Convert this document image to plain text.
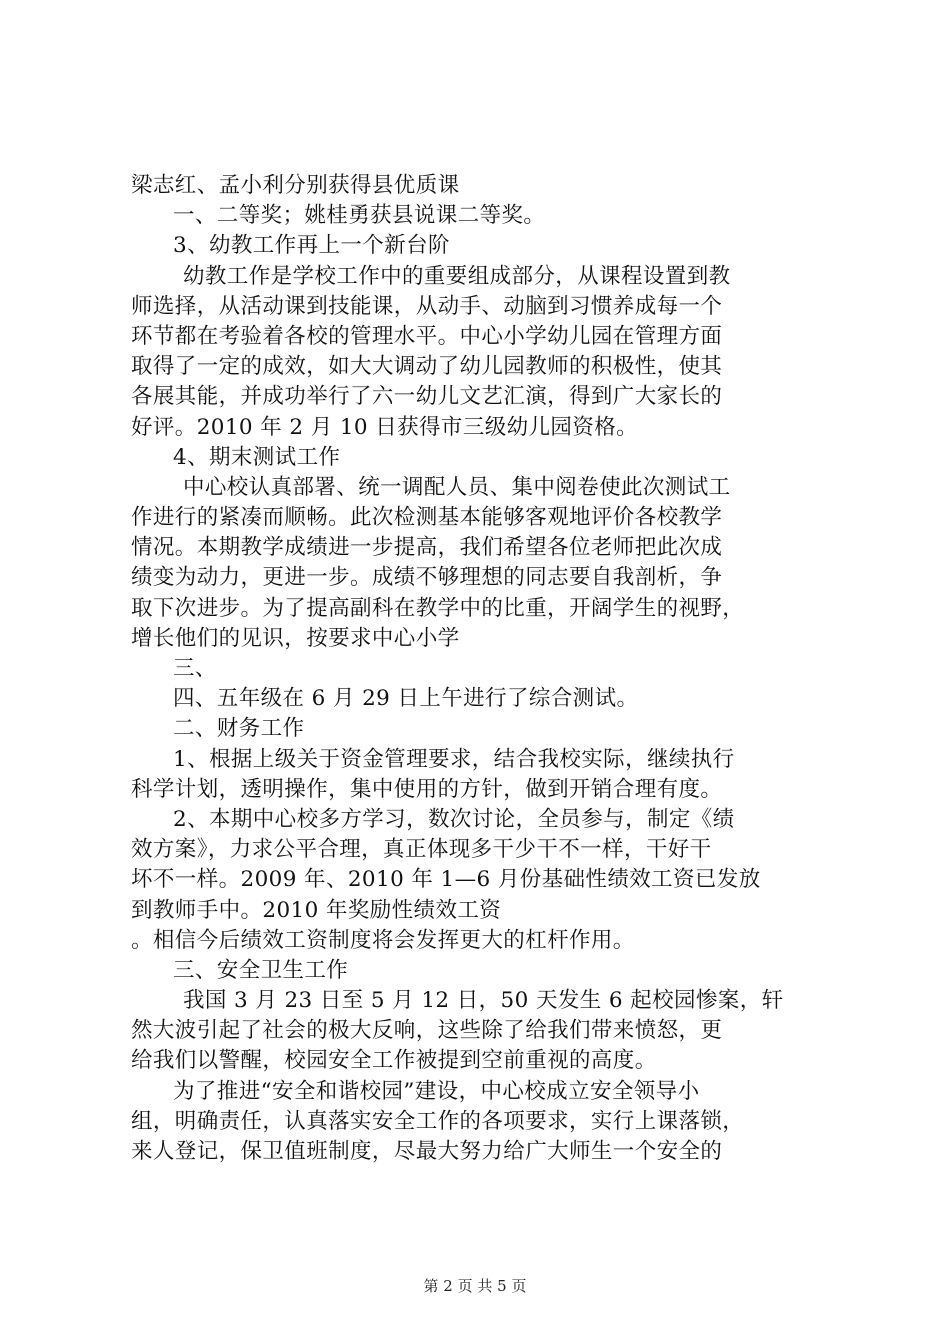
梁志红、孟小利分别获得县优质课
一、二等奖；姚桂勇获县说课二等奖。
3、幼教工作再上一个新台阶
幼教工作是学校工作中的重要组成部分，从课程设置到教
师选择，从活动课到技能课，从动手、动脑到习惯养成每一个
环节都在考验着各校的管理水平。中心小学幼儿园在管理方面
取得了一定的成效，如大大调动了幼儿园教师的积极性，使其
各展其能，并成功举行了六一幼儿文艺汇演，得到广大家长的
好评。2010 年 2 月 10 日获得市三级幼儿园资格。
4、期末测试工作
中心校认真部署、统一调配人员、集中阅卷使此次测试工
作进行的紧凑而顺畅。此次检测基本能够客观地评价各校教学
情况。本期教学成绩进一步提高，我们希望各位老师把此次成
绩变为动力，更进一步。成绩不够理想的同志要自我剖析，争
取下次进步。为了提高副科在教学中的比重，开阔学生的视野，
增长他们的见识，按要求中心小学
三、
四、五年级在 6 月 29 日上午进行了综合测试。
二、财务工作
1、根据上级关于资金管理要求，结合我校实际，继续执行
科学计划，透明操作，集中使用的方针，做到开销合理有度。
2、本期中心校多方学习，数次讨论，全员参与，制定《绩
效方案》，力求公平合理，真正体现多干少干不一样，干好干
坏不一样。2009 年、2010 年 1—6 月份基础性绩效工资已发放
到教师手中。2010 年奖励性绩效工资
。相信今后绩效工资制度将会发挥更大的杠杆作用。
三、安全卫生工作
我国 3 月 23 日至 5 月 12 日，50 天发生 6 起校园惨案，轩
然大波引起了社会的极大反响，这些除了给我们带来愤怒，更
给我们以警醒，校园安全工作被提到空前重视的高度。
为了推进“安全和谐校园”建设，中心校成立安全领导小
组，明确责任，认真落实安全工作的各项要求，实行上课落锁，
来人登记，保卫值班制度，尽最大努力给广大师生一个安全的
第 2 页 共 5 页
